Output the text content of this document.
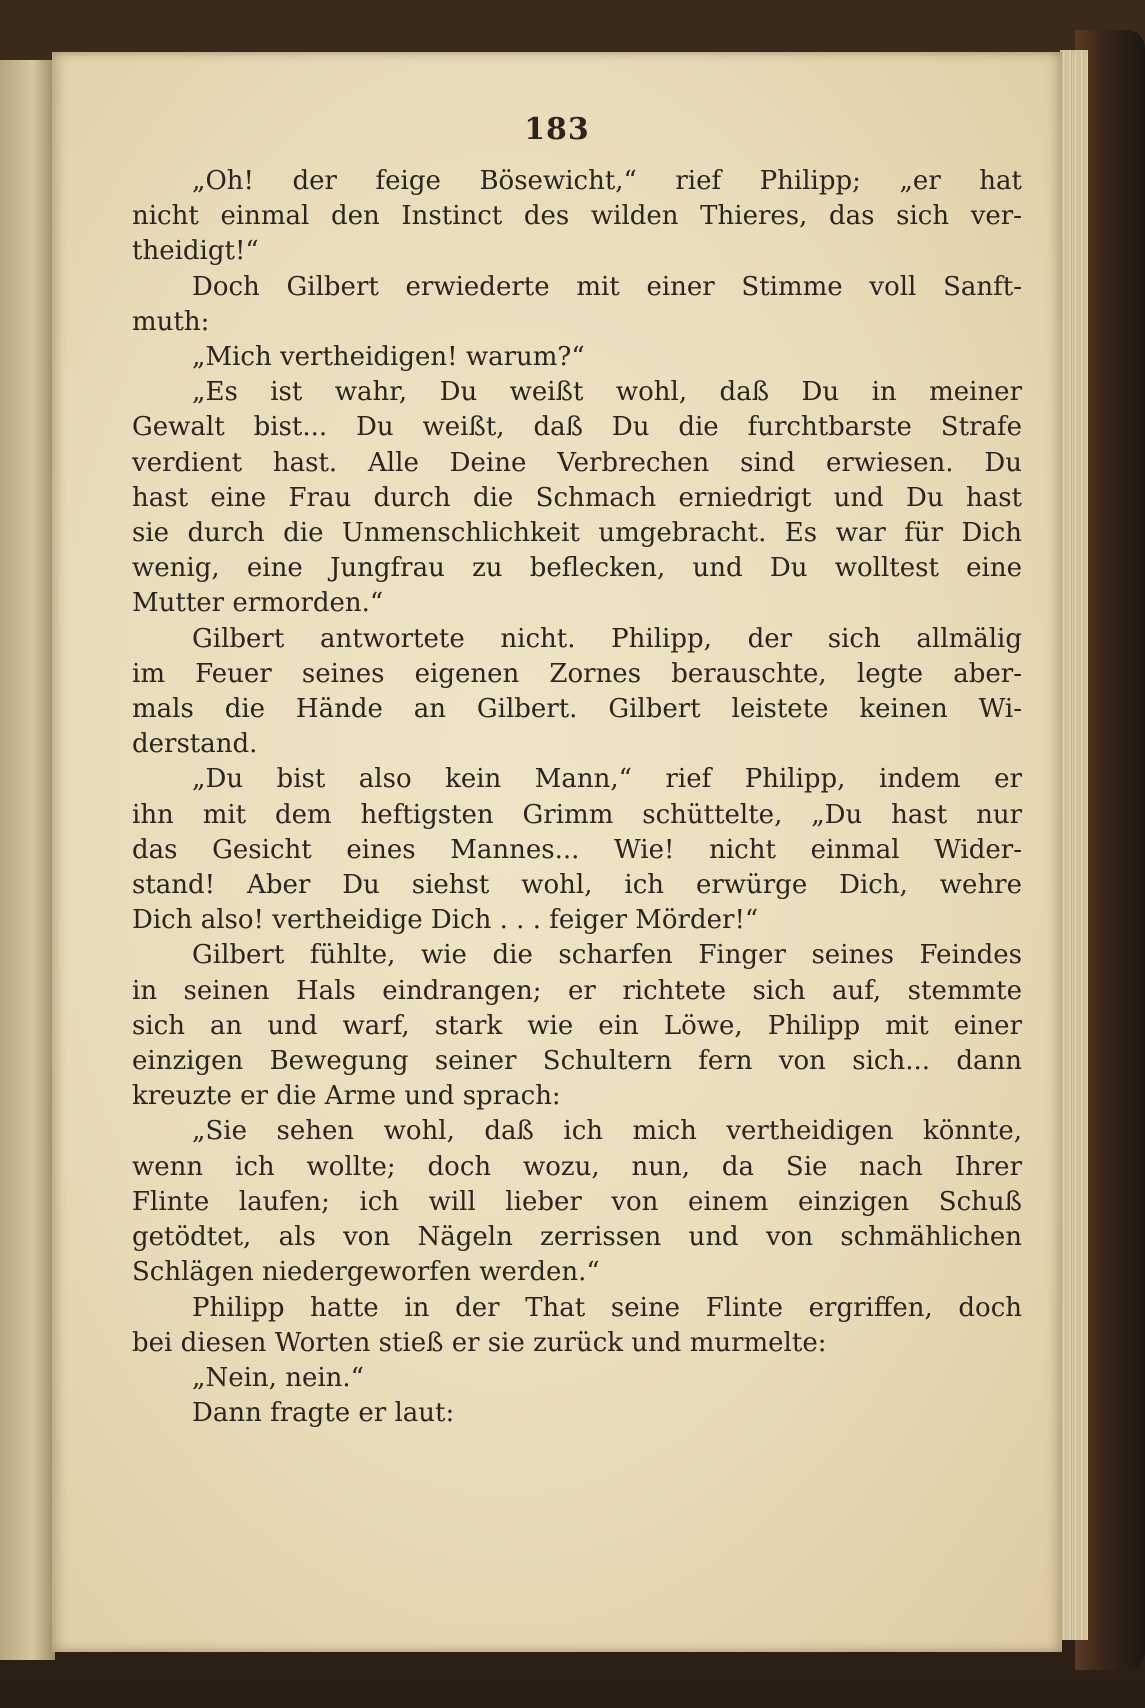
183
„Oh! der feige Bösewicht,“ rief Philipp; „er hat
nicht einmal den Instinct des wilden Thieres, das sich ver-
theidigt!“
Doch Gilbert erwiederte mit einer Stimme voll Sanft-
muth:
„Mich vertheidigen! warum?“
„Es ist wahr, Du weißt wohl, daß Du in meiner
Gewalt bist... Du weißt, daß Du die furchtbarste Strafe
verdient hast. Alle Deine Verbrechen sind erwiesen. Du
hast eine Frau durch die Schmach erniedrigt und Du hast
sie durch die Unmenschlichkeit umgebracht. Es war für Dich
wenig, eine Jungfrau zu beflecken, und Du wolltest eine
Mutter ermorden.“
Gilbert antwortete nicht. Philipp, der sich allmälig
im Feuer seines eigenen Zornes berauschte, legte aber-
mals die Hände an Gilbert. Gilbert leistete keinen Wi-
derstand.
„Du bist also kein Mann,“ rief Philipp, indem er
ihn mit dem heftigsten Grimm schüttelte, „Du hast nur
das Gesicht eines Mannes... Wie! nicht einmal Wider-
stand! Aber Du siehst wohl, ich erwürge Dich, wehre
Dich also! vertheidige Dich . . . feiger Mörder!“
Gilbert fühlte, wie die scharfen Finger seines Feindes
in seinen Hals eindrangen; er richtete sich auf, stemmte
sich an und warf, stark wie ein Löwe, Philipp mit einer
einzigen Bewegung seiner Schultern fern von sich... dann
kreuzte er die Arme und sprach:
„Sie sehen wohl, daß ich mich vertheidigen könnte,
wenn ich wollte; doch wozu, nun, da Sie nach Ihrer
Flinte laufen; ich will lieber von einem einzigen Schuß
getödtet, als von Nägeln zerrissen und von schmählichen
Schlägen niedergeworfen werden.“
Philipp hatte in der That seine Flinte ergriffen, doch
bei diesen Worten stieß er sie zurück und murmelte:
„Nein, nein.“
Dann fragte er laut:
